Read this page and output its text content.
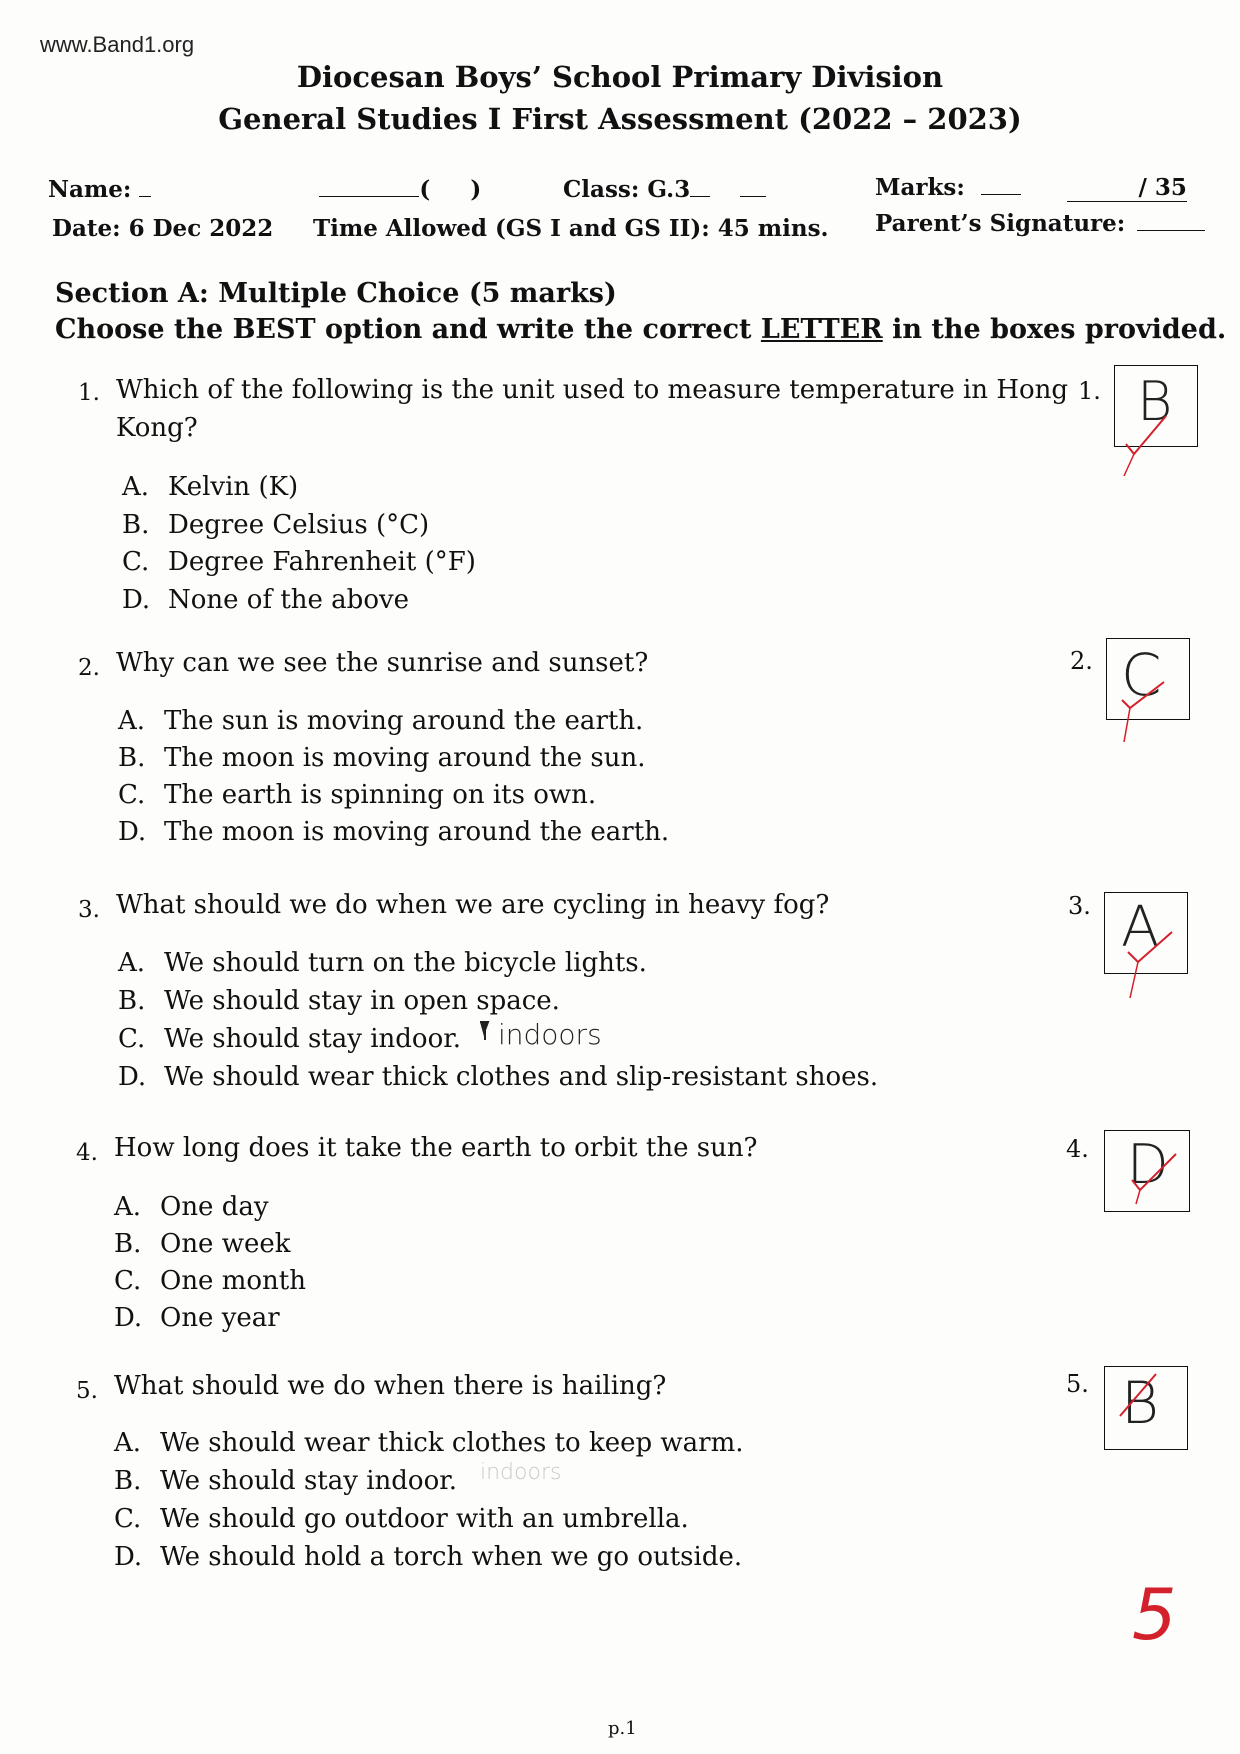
www.Band1.org
Diocesan Boys’ School Primary Division
General Studies I First Assessment (2022 – 2023)
Name:	(     )	Class: G.3	Marks:	/ 35
Date: 6 Dec 2022 Time Allowed (GS I and GS II): 45 mins. Parent’s Signature:
Section A: Multiple Choice (5 marks)
Choose the BEST option and write the correct LETTER in the boxes provided.
1. Which of the following is the unit used to measure temperature in Hong
Kong?
A. Kelvin (K)
B. Degree Celsius (°C)
C. Degree Fahrenheit (°F)
D. None of the above
1. B
2. Why can we see the sunrise and sunset?
A. The sun is moving around the earth.
B. The moon is moving around the sun.
C. The earth is spinning on its own.
D. The moon is moving around the earth.
2. C
3. What should we do when we are cycling in heavy fog?
A. We should turn on the bicycle lights.
B. We should stay in open space.
C. We should stay indoor. indoors
D. We should wear thick clothes and slip-resistant shoes.
3. A
4. How long does it take the earth to orbit the sun?
A. One day
B. One week
C. One month
D. One year
4. D
5. What should we do when there is hailing?
A. We should wear thick clothes to keep warm.
B. We should stay indoor. indoors
C. We should go outdoor with an umbrella.
D. We should hold a torch when we go outside.
5. B
5
p.1
